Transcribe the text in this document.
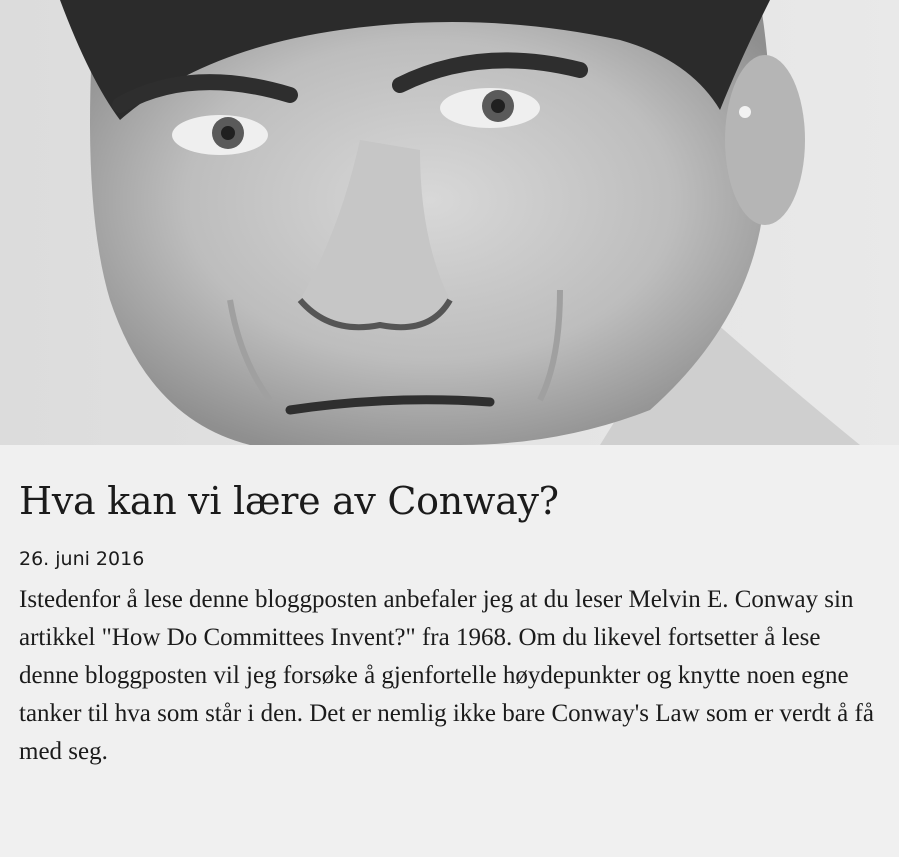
Hva kan vi lære av Conway?
26. juni 2016

Istedenfor å lese denne bloggposten anbefaler jeg at du leser Melvin E. Conway sin artikkel "How Do Committees Invent?" fra 1968. Om du likevel fortsetter å lese denne bloggposten vil jeg forsøke å gjenfortelle høydepunkter og knytte noen egne tanker til hva som står i den. Det er nemlig ikke bare Conway's Law som er verdt å få med seg.
